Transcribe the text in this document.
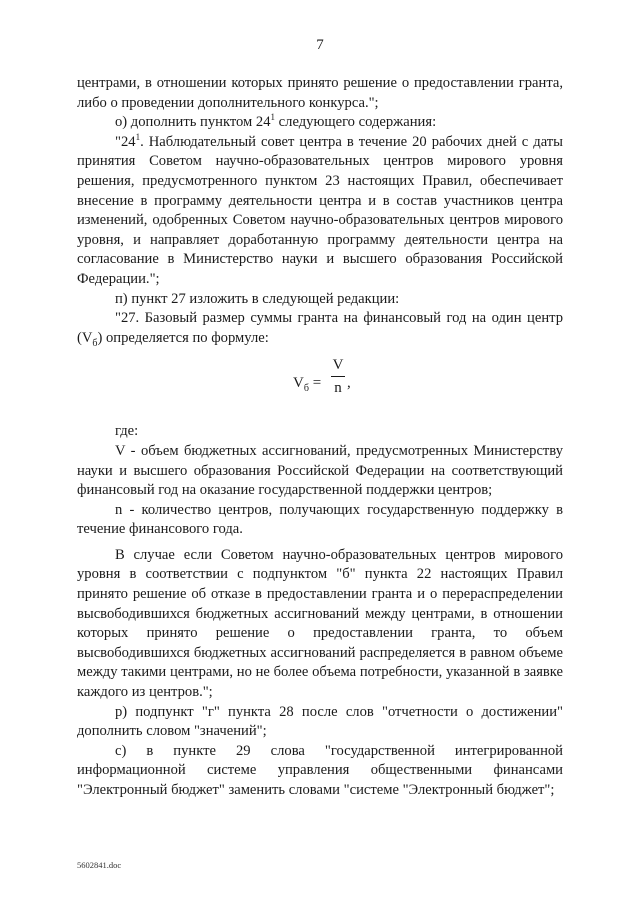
7

центрами, в отношении которых принято решение о предоставлении гранта, либо о проведении дополнительного конкурса.";

о) дополнить пунктом $24^1$ следующего содержания:

"$24^1$. Наблюдательный совет центра в течение 20 рабочих дней с даты принятия Советом научно-образовательных центров мирового уровня решения, предусмотренного пунктом 23 настоящих Правил, обеспечивает внесение в программу деятельности центра и в состав участников центра изменений, одобренных Советом научно-образовательных центров мирового уровня, и направляет доработанную программу деятельности центра на согласование в Министерство науки и высшего образования Российской Федерации.";

п) пункт 27 изложить в следующей редакции:

"27. Базовый размер суммы гранта на финансовый год на один центр $(V_б)$ определяется по формуле:

$V_б$ =
V
n ,

где:

V - объем бюджетных ассигнований, предусмотренных Министерству науки и высшего образования Российской Федерации на соответствующий финансовый год на оказание государственной поддержки центров;

n - количество центров, получающих государственную поддержку в течение финансового года.

В случае если Советом научно-образовательных центров мирового уровня в соответствии с подпунктом "б" пункта 22 настоящих Правил принято решение об отказе в предоставлении гранта и о перераспределении высвободившихся бюджетных ассигнований между центрами, в отношении которых принято решение о предоставлении гранта, то объем высвободившихся бюджетных ассигнований распределяется в равном объеме между такими центрами, но не более объема потребности, указанной в заявке каждого из центров.";

р) подпункт "г" пункта 28 после слов "отчетности о достижении" дополнить словом "значений";

с) в пункте 29 слова "государственной интегрированной информационной системе управления общественными финансами "Электронный бюджет" заменить словами "системе "Электронный бюджет";

5602841.doc
